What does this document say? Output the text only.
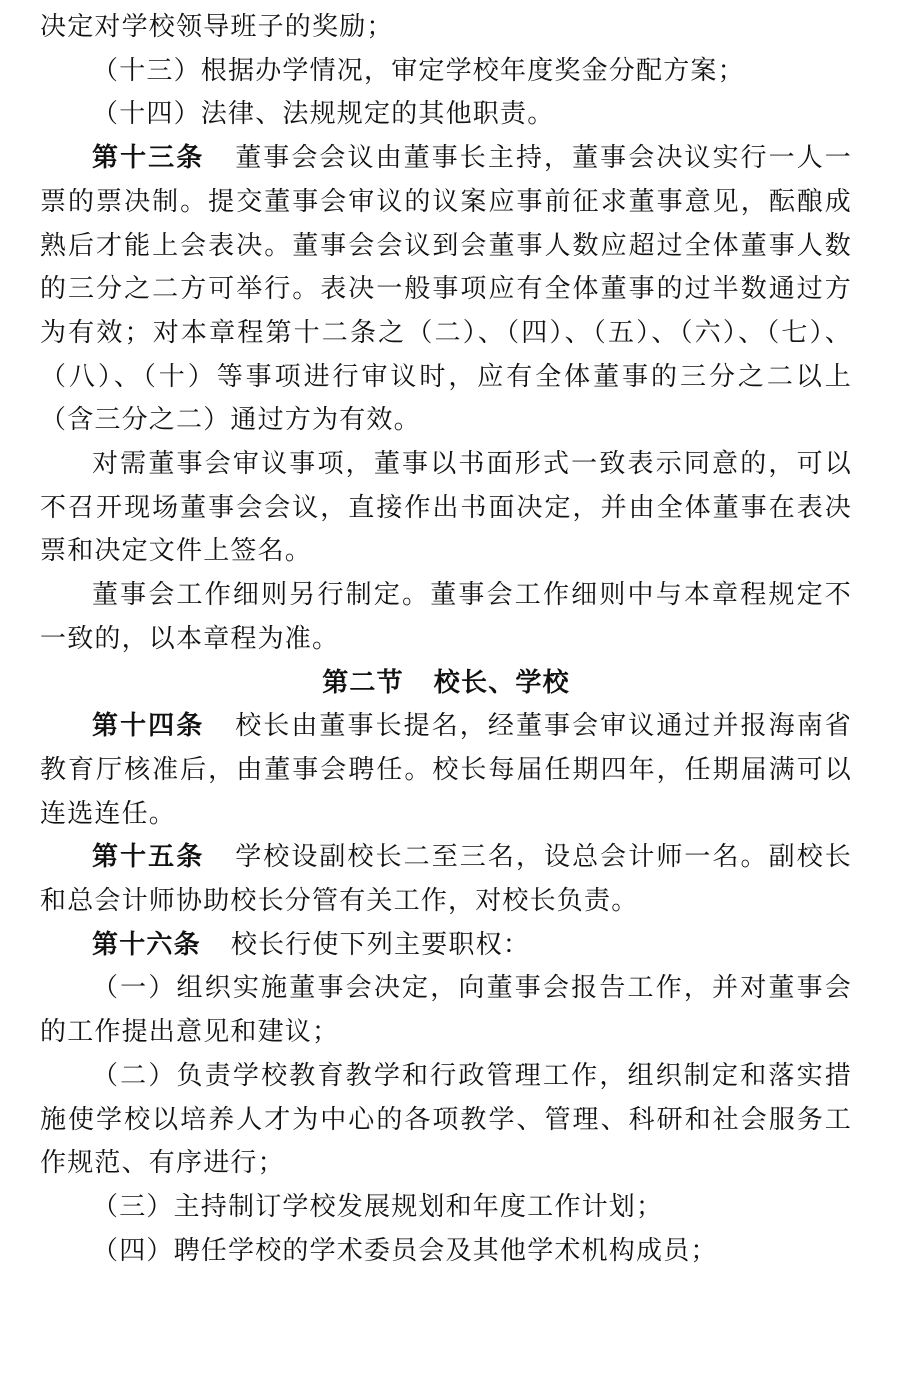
决定对学校领导班子的奖励；

（十三）根据办学情况，审定学校年度奖金分配方案；

（十四）法律、法规规定的其他职责。

第十三条 董事会会议由董事长主持，董事会决议实行一人一票的票决制。提交董事会审议的议案应事前征求董事意见，酝酿成熟后才能上会表决。董事会会议到会董事人数应超过全体董事人数的三分之二方可举行。表决一般事项应有全体董事的过半数通过方为有效；对本章程第十二条之（二）、（四）、（五）、（六）、（七）、（八）、（十）等事项进行审议时，应有全体董事的三分之二以上（含三分之二）通过方为有效。

对需董事会审议事项，董事以书面形式一致表示同意的，可以不召开现场董事会会议，直接作出书面决定，并由全体董事在表决票和决定文件上签名。

董事会工作细则另行制定。董事会工作细则中与本章程规定不一致的，以本章程为准。

第二节 校长、学校

第十四条 校长由董事长提名，经董事会审议通过并报海南省教育厅核准后，由董事会聘任。校长每届任期四年，任期届满可以连选连任。

第十五条 学校设副校长二至三名，设总会计师一名。副校长和总会计师协助校长分管有关工作，对校长负责。

第十六条 校长行使下列主要职权：

（一）组织实施董事会决定，向董事会报告工作，并对董事会的工作提出意见和建议；

（二）负责学校教育教学和行政管理工作，组织制定和落实措施使学校以培养人才为中心的各项教学、管理、科研和社会服务工作规范、有序进行；

（三）主持制订学校发展规划和年度工作计划；

（四）聘任学校的学术委员会及其他学术机构成员；
